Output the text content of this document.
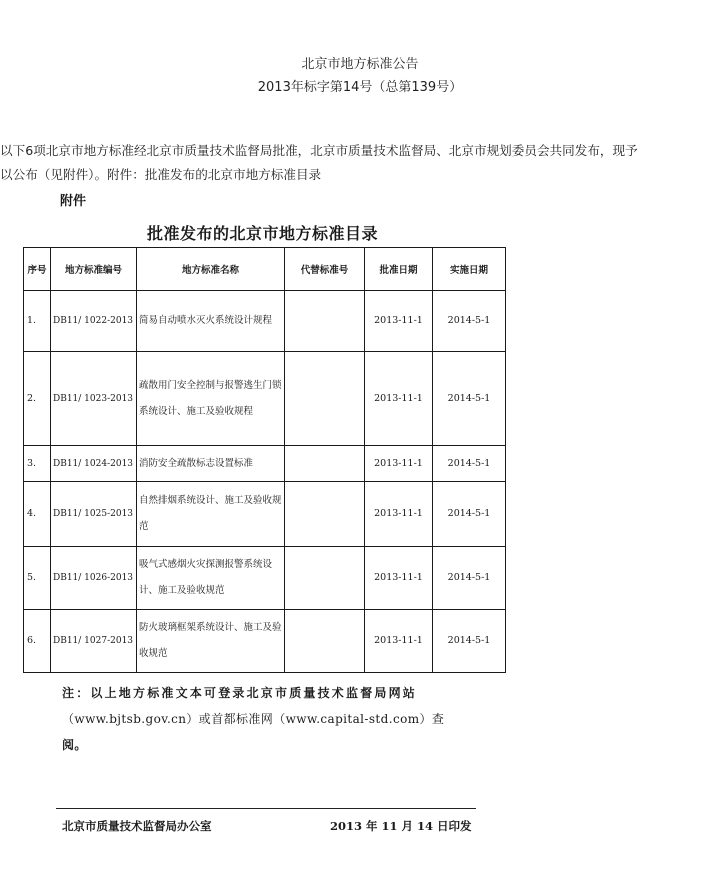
北京市地方标准公告
2013年标字第14号（总第139号）
以下6项北京市地方标准经北京市质量技术监督局批准，北京市质量技术监督局、北京市规划委员会共同发布，现予
以公布（见附件）。附件：批准发布的北京市地方标准目录
附件
批准发布的北京市地方标准目录
序号	地方标准编号	地方标准名称	代替标准号	批准日期	实施日期
1.	DB11/ 1022-2013	简易自动喷水灭火系统设计规程		2013-11-1	2014-5-1
2.	DB11/ 1023-2013	疏散用门安全控制与报警逃生门锁系统设计、施工及验收规程		2013-11-1	2014-5-1
3.	DB11/ 1024-2013	消防安全疏散标志设置标准		2013-11-1	2014-5-1
4.	DB11/ 1025-2013	自然排烟系统设计、施工及验收规范		2013-11-1	2014-5-1
5.	DB11/ 1026-2013	吸气式感烟火灾探测报警系统设计、施工及验收规范		2013-11-1	2014-5-1
6.	DB11/ 1027-2013	防火玻璃框架系统设计、施工及验收规范		2013-11-1	2014-5-1
注：以上地方标准文本可登录北京市质量技术监督局网站
（www.bjtsb.gov.cn）或首都标准网（www.capital-std.com）查
阅。
北京市质量技术监督局办公室	2013 年 11 月 14 日印发
